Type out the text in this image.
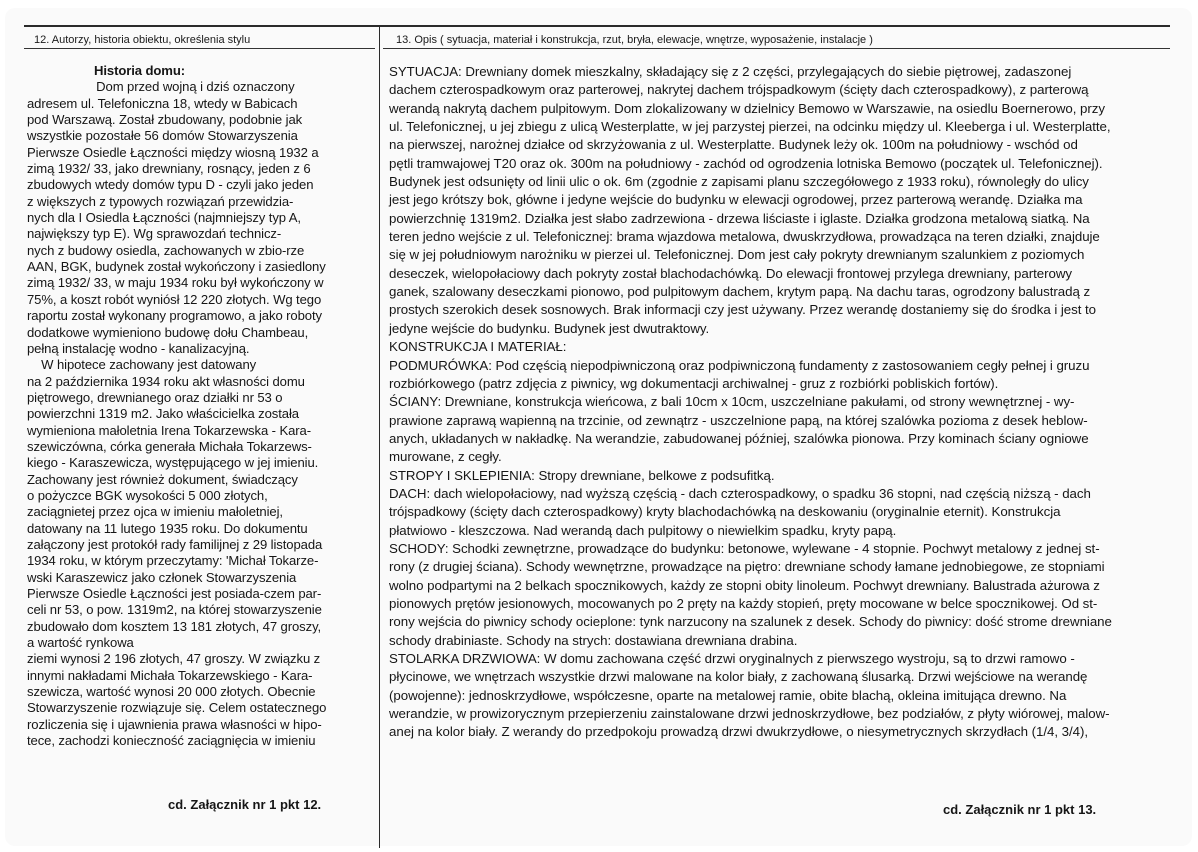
12. Autorzy, historia obiektu, określenia stylu	13. Opis ( sytuacja, materiał i konstrukcja, rzut, bryła, elewacje, wnętrze, wyposażenie, instalacje )
Historia domu:
Dom przed wojną i dziś oznaczony
adresem ul. Telefoniczna 18, wtedy w Babicach
pod Warszawą. Został zbudowany, podobnie jak
wszystkie pozostałe 56 domów Stowarzyszenia
Pierwsze Osiedle Łączności między wiosną 1932 a
zimą 1932/ 33, jako drewniany, rosnący, jeden z 6
zbudowych wtedy domów typu D - czyli jako jeden
z większych z typowych rozwiązań przewidzia-
nych dla I Osiedla Łączności (najmniejszy typ A,
największy typ E). Wg sprawozdań technicz-
nych z budowy osiedla, zachowanych w zbio-rze
AAN, BGK, budynek został wykończony i zasiedlony
zimą 1932/ 33, w maju 1934 roku był wykończony w
75%, a koszt robót wyniósł 12 220 złotych. Wg tego
raportu został wykonany programowo, a jako roboty
dodatkowe wymieniono budowę dołu Chambeau,
pełną instalację wodno - kanalizacyjną.
W hipotece zachowany jest datowany
na 2 października 1934 roku akt własności domu
piętrowego, drewnianego oraz działki nr 53 o
powierzchni 1319 m2. Jako właścicielka została
wymieniona małoletnia Irena Tokarzewska - Kara-
szewiczówna, córka generała Michała Tokarzews-
kiego - Karaszewicza, występującego w jej imieniu.
Zachowany jest również dokument, świadczący
o pożyczce BGK wysokości 5 000 złotych,
zaciągnietej przez ojca w imieniu małoletniej,
datowany na 11 lutego 1935 roku. Do dokumentu
załączony jest protokół rady familijnej z 29 listopada
1934 roku, w którym przeczytamy: 'Michał Tokarze-
wski Karaszewicz jako członek Stowarzyszenia
Pierwsze Osiedle Łączności jest posiada-czem par-
celi nr 53, o pow. 1319m2, na której stowarzyszenie
zbudowało dom kosztem 13 181 złotych, 47 groszy,
a wartość rynkowa
ziemi wynosi 2 196 złotych, 47 groszy. W związku z
innymi nakładami Michała Tokarzewskiego - Kara-
szewicza, wartość wynosi 20 000 złotych. Obecnie
Stowarzyszenie rozwiązuje się. Celem ostatecznego
rozliczenia się i ujawnienia prawa własności w hipo-
tece, zachodzi konieczność zaciągnięcia w imieniu
SYTUACJA: Drewniany domek mieszkalny, składający się z 2 części, przylegających do siebie piętrowej, zadaszonej
dachem czterospadkowym oraz parterowej, nakrytej dachem trójspadkowym (ścięty dach czterospadkowy), z parterową
werandą nakrytą dachem pulpitowym. Dom zlokalizowany w dzielnicy Bemowo w Warszawie, na osiedlu Boernerowo, przy
ul. Telefonicznej, u jej zbiegu z ulicą Westerplatte, w jej parzystej pierzei, na odcinku między ul. Kleeberga i ul. Westerplatte,
na pierwszej, narożnej działce od skrzyżowania z ul. Westerplatte. Budynek leży ok. 100m na południowy - wschód od
pętli tramwajowej T20 oraz ok. 300m na południowy - zachód od ogrodzenia lotniska Bemowo (początek ul. Telefonicznej).
Budynek jest odsunięty od linii ulic o ok. 6m (zgodnie z zapisami planu szczegółowego z 1933 roku), równoległy do ulicy
jest jego krótszy bok, główne i jedyne wejście do budynku w elewacji ogrodowej, przez parterową werandę. Działka ma
powierzchnię 1319m2. Działka jest słabo zadrzewiona - drzewa liściaste i iglaste. Działka grodzona metalową siatką. Na
teren jedno wejście z ul. Telefonicznej: brama wjazdowa metalowa, dwuskrzydłowa, prowadząca na teren działki, znajduje
się w jej południowym narożniku w pierzei ul. Telefonicznej. Dom jest cały pokryty drewnianym szalunkiem z poziomych
deseczek, wielopołaciowy dach pokryty został blachodachówką. Do elewacji frontowej przylega drewniany, parterowy
ganek, szalowany deseczkami pionowo, pod pulpitowym dachem, krytym papą. Na dachu taras, ogrodzony balustradą z
prostych szerokich desek sosnowych. Brak informacji czy jest używany. Przez werandę dostaniemy się do środka i jest to
jedyne wejście do budynku. Budynek jest dwutraktowy.
KONSTRUKCJA I MATERIAŁ:
PODMURÓWKA: Pod częścią niepodpiwniczoną oraz podpiwniczoną fundamenty z zastosowaniem cegły pełnej i gruzu
rozbiórkowego (patrz zdjęcia z piwnicy, wg dokumentacji archiwalnej - gruz z rozbiórki pobliskich fortów).
ŚCIANY: Drewniane, konstrukcja wieńcowa, z bali 10cm x 10cm, uszczelniane pakułami, od strony wewnętrznej - wy-
prawione zaprawą wapienną na trzcinie, od zewnątrz - uszczelnione papą, na której szalówka pozioma z desek heblow-
anych, układanych w nakładkę. Na werandzie, zabudowanej później, szalówka pionowa. Przy kominach ściany ogniowe
murowane, z cegły.
STROPY I SKLEPIENIA: Stropy drewniane, belkowe z podsufitką.
DACH: dach wielopołaciowy, nad wyższą częścią - dach czterospadkowy, o spadku 36 stopni, nad częścią niższą - dach
trójspadkowy (ścięty dach czterospadkowy) kryty blachodachówką na deskowaniu (oryginalnie eternit). Konstrukcja
płatwiowo - kleszczowa. Nad werandą dach pulpitowy o niewielkim spadku, kryty papą.
SCHODY: Schodki zewnętrzne, prowadzące do budynku: betonowe, wylewane - 4 stopnie. Pochwyt metalowy z jednej st-
rony (z drugiej ściana). Schody wewnętrzne, prowadzące na piętro: drewniane schody łamane jednobiegowe, ze stopniami
wolno podpartymi na 2 belkach spocznikowych, każdy ze stopni obity linoleum. Pochwyt drewniany. Balustrada ażurowa z
pionowych prętów jesionowych, mocowanych po 2 pręty na każdy stopień, pręty mocowane w belce spocznikowej. Od st-
rony wejścia do piwnicy schody ocieplone: tynk narzucony na szalunek z desek. Schody do piwnicy: dość strome drewniane
schody drabiniaste. Schody na strych: dostawiana drewniana drabina.
STOLARKA DRZWIOWA: W domu zachowana część drzwi oryginalnych z pierwszego wystroju, są to drzwi ramowo -
płycinowe, we wnętrzach wszystkie drzwi malowane na kolor biały, z zachowaną ślusarką. Drzwi wejściowe na werandę
(powojenne): jednoskrzydłowe, współczesne, oparte na metalowej ramie, obite blachą, okleina imitująca drewno. Na
werandzie, w prowizorycznym przepierzeniu zainstalowane drzwi jednoskrzydłowe, bez podziałów, z płyty wiórowej, malow-
anej na kolor biały. Z werandy do przedpokoju prowadzą drzwi dwukrzydłowe, o niesymetrycznych skrzydłach (1/4, 3/4),
cd. Załącznik nr 1 pkt 12.	cd. Załącznik nr 1 pkt 13.
